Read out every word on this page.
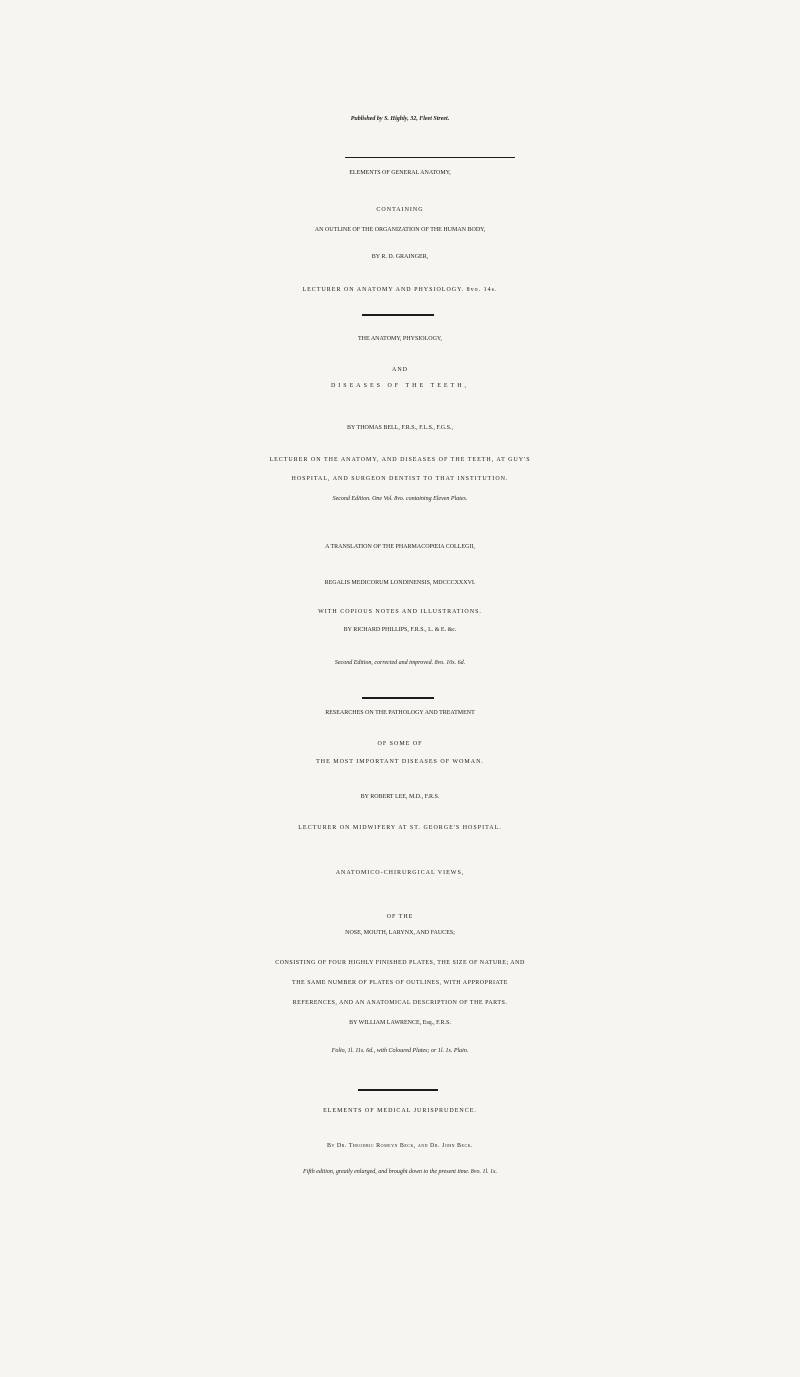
Published by S. Highly, 32, Fleet Street.

ELEMENTS OF GENERAL ANATOMY,

CONTAINING

AN OUTLINE OF THE ORGANIZATION OF THE HUMAN BODY,

BY R. D. GRAINGER,

LECTURER ON ANATOMY AND PHYSIOLOGY. 8vo. 14s.

THE ANATOMY, PHYSIOLOGY,

AND

DISEASES OF THE TEETH,

BY THOMAS BELL, F.R.S., F.L.S., F.G.S.,

LECTURER ON THE ANATOMY, AND DISEASES OF THE TEETH, AT GUY'S

HOSPITAL, AND SURGEON DENTIST TO THAT INSTITUTION.

Second Edition. One Vol. 8vo. containing Eleven Plates.

A TRANSLATION OF THE PHARMACOPŒIA COLLEGII,

REGALIS MEDICORUM LONDINENSIS, MDCCCXXXVI.

WITH COPIOUS NOTES AND ILLUSTRATIONS.

BY RICHARD PHILLIPS, F.R.S., L. & E. &c.

Second Edition, corrected and improved. 8vo. 10s. 6d.

RESEARCHES ON THE PATHOLOGY AND TREATMENT

OF SOME OF

THE MOST IMPORTANT DISEASES OF WOMAN.

BY ROBERT LEE, M.D., F.R.S.

LECTURER ON MIDWIFERY AT ST. GEORGE'S HOSPITAL.

ANATOMICO-CHIRURGICAL VIEWS,

OF THE

NOSE, MOUTH, LARYNX, AND FAUCES;

CONSISTING OF FOUR HIGHLY FINISHED PLATES, THE SIZE OF NATURE; AND

THE SAME NUMBER OF PLATES OF OUTLINES, WITH APPROPRIATE

REFERENCES, AND AN ANATOMICAL DESCRIPTION OF THE PARTS.

BY WILLIAM LAWRENCE, Esq., F.R.S.

Folio, 1l. 11s. 6d., with Coloured Plates; or 1l. 1s. Plain.

ELEMENTS OF MEDICAL JURISPRUDENCE.

By Dr. Theodric Romeyn Beck, and Dr. John Beck.

Fifth edition, greatly enlarged, and brought down to the present time. 8vo. 1l. 1s.
